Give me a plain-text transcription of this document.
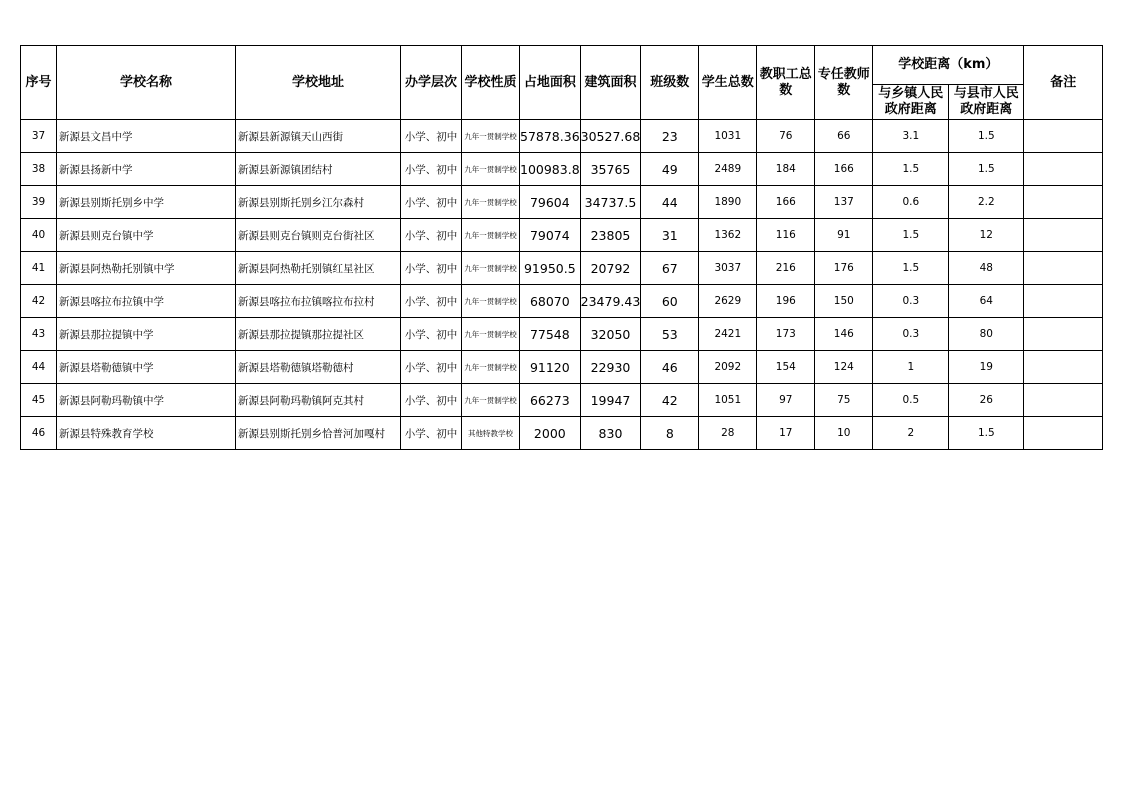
序号	学校名称	学校地址	办学层次	学校性质	占地面积	建筑面积	班级数	学生总数	教职工总数	专任教师数	学校距离（km）		备注
											与乡镇人民政府距离	与县市人民政府距离	
37	新源县文昌中学	新源县新源镇天山西街	小学、初中	九年一贯制学校	57878.36	30527.68	23	1031	76	66	3.1	1.5	
38	新源县扬新中学	新源县新源镇团结村	小学、初中	九年一贯制学校	100983.8	35765	49	2489	184	166	1.5	1.5	
39	新源县别斯托别乡中学	新源县别斯托别乡江尔森村	小学、初中	九年一贯制学校	79604	34737.5	44	1890	166	137	0.6	2.2	
40	新源县则克台镇中学	新源县则克台镇则克台街社区	小学、初中	九年一贯制学校	79074	23805	31	1362	116	91	1.5	12	
41	新源县阿热勒托别镇中学	新源县阿热勒托别镇红星社区	小学、初中	九年一贯制学校	91950.5	20792	67	3037	216	176	1.5	48	
42	新源县喀拉布拉镇中学	新源县喀拉布拉镇喀拉布拉村	小学、初中	九年一贯制学校	68070	23479.43	60	2629	196	150	0.3	64	
43	新源县那拉提镇中学	新源县那拉提镇那拉提社区	小学、初中	九年一贯制学校	77548	32050	53	2421	173	146	0.3	80	
44	新源县塔勒德镇中学	新源县塔勒德镇塔勒德村	小学、初中	九年一贯制学校	91120	22930	46	2092	154	124	1	19	
45	新源县阿勒玛勒镇中学	新源县阿勒玛勒镇阿克其村	小学、初中	九年一贯制学校	66273	19947	42	1051	97	75	0.5	26	
46	新源县特殊教育学校	新源县别斯托别乡恰普河加嘎村	小学、初中	其他特教学校	2000	830	8	28	17	10	2	1.5	
